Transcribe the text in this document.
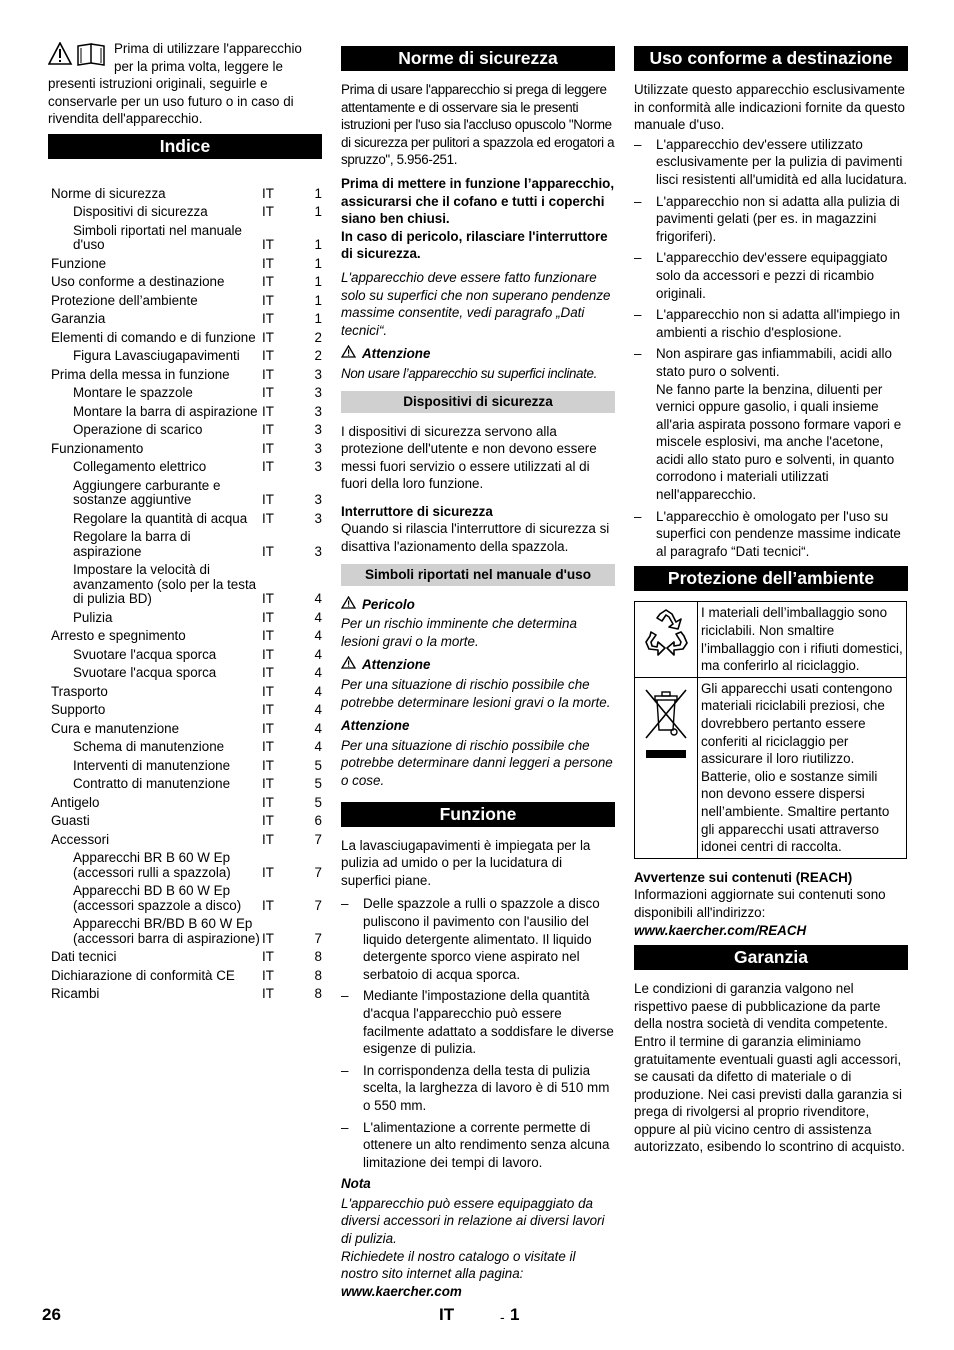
Prima di utilizzare l'apparecchio per la prima volta, leggere le presenti istruzioni originali, seguirle e conservarle per un uso futuro o in caso di rivendita dell'apparecchio.
Indice
Norme di sicurezza	IT	1
Dispositivi di sicurezza	IT	1
Simboli riportati nel manuale d'uso	IT	1
Funzione	IT	1
Uso conforme a destinazione	IT	1
Protezione dell’ambiente	IT	1
Garanzia	IT	1
Elementi di comando e di funzione IT	2
Figura Lavasciugapavimenti	IT	2
Prima della messa in funzione	IT	3
Montare le spazzole	IT	3
Montare la barra di aspirazione IT	3
Operazione di scarico	IT	3
Funzionamento	IT	3
Collegamento elettrico	IT	3
Aggiungere carburante e sostanze aggiuntive	IT	3
Regolare la quantità di acqua	IT	3
Regolare la barra di aspirazione	IT	3
Impostare la velocità di avanzamento (solo per la testa di pulizia BD)	IT	4
Pulizia	IT	4
Arresto e spegnimento	IT	4
Svuotare l'acqua sporca	IT	4
Svuotare l'acqua sporca	IT	4
Trasporto	IT	4
Supporto	IT	4
Cura e manutenzione	IT	4
Schema di manutenzione	IT	4
Interventi di manutenzione	IT	5
Contratto di manutenzione	IT	5
Antigelo	IT	5
Guasti	IT	6
Accessori	IT	7
Apparecchi BR B 60 W Ep (accessori rulli a spazzola)	IT	7
Apparecchi BD B 60 W Ep (accessori spazzole a disco)	IT	7
Apparecchi BR/BD B 60 W Ep (accessori barra di aspirazione) IT	7
Dati tecnici	IT	8
Dichiarazione di conformità CE	IT	8
Ricambi	IT	8
Norme di sicurezza

Prima di usare l'apparecchio si prega di leggere attentamente e di osservare sia le presenti istruzioni per l'uso sia l'accluso opuscolo "Norme di sicurezza per pulitori a spazzola ed erogatori a spruzzo", 5.956-251.

Prima di mettere in funzione l’apparecchio, assicurarsi che il cofano e tutti i coperchi siano ben chiusi.

In caso di pericolo, rilasciare l'interruttore di sicurezza.

L'apparecchio deve essere fatto funzionare solo su superfici che non superano pendenze massime consentite, vedi paragrafo „Dati tecnici“.

Attenzione

Non usare l’apparecchio su superfici inclinate.

Dispositivi di sicurezza

I dispositivi di sicurezza servono alla protezione dell'utente e non devono essere messi fuori servizio o essere utilizzati al di fuori della loro funzione.

Interruttore di sicurezza

Quando si rilascia l'interruttore di sicurezza si disattiva l'azionamento della spazzola.

Simboli riportati nel manuale d'uso
Pericolo

Per un rischio imminente che determina lesioni gravi o la morte.

Attenzione

Per una situazione di rischio possibile che potrebbe determinare lesioni gravi o la morte.

Attenzione

Per una situazione di rischio possibile che potrebbe determinare danni leggeri a persone o cose.

Funzione

La lavasciugapavimenti è impiegata per la pulizia ad umido o per la lucidatura di superfici piane.

– Delle spazzole a rulli o spazzole a disco puliscono il pavimento con l'ausilio del liquido detergente alimentato. Il liquido detergente sporco viene aspirato nel serbatoio di acqua sporca.
– Mediante l'impostazione della quantità d'acqua l'apparecchio può essere facilmente adattato a soddisfare le diverse esigenze di pulizia.
– In corrispondenza della testa di pulizia scelta, la larghezza di lavoro è di 510 mm o 550 mm.
– L'alimentazione a corrente permette di ottenere un alto rendimento senza alcuna limitazione dei tempi di lavoro.

Nota

L'apparecchio può essere equipaggiato da diversi accessori in relazione ai diversi lavori di pulizia.

Richiedete il nostro catalogo o visitate il nostro sito internet alla pagina:

www.kaercher.com

Uso conforme a destinazione

Utilizzate questo apparecchio esclusivamente in conformità alle indicazioni fornite da questo manuale d'uso.

– L'apparecchio dev'essere utilizzato esclusivamente per la pulizia di pavimenti lisci resistenti all'umidità ed alla lucidatura.
– L'apparecchio non si adatta alla pulizia di pavimenti gelati (per es. in magazzini frigoriferi).
– L'apparecchio dev'essere equipaggiato solo da accessori e pezzi di ricambio originali.
– L'apparecchio non si adatta all'impiego in ambienti a rischio d'esplosione.
– Non aspirare gas infiammabili, acidi allo stato puro o solventi.
Ne fanno parte la benzina, diluenti per vernici oppure gasolio, i quali insieme all'aria aspirata possono formare vapori e miscele esplosivi, ma anche l'acetone, acidi allo stato puro e solventi, in quanto corrodono i materiali utilizzati nell'apparecchio.
– L'apparecchio è omologato per l'uso su superfici con pendenze massime indicate al paragrafo “Dati tecnici“.
Protezione dell’ambiente
	I materiali dell’imballaggio sono riciclabili. Non smaltire l’imballaggio con i rifiuti domestici, ma conferirlo al riciclaggio.
	Gli apparecchi usati contengono materiali riciclabili preziosi, che dovrebbero pertanto essere conferiti al riciclaggio per assicurare il loro riutilizzo. Batterie, olio e sostanze simili non devono essere dispersi nell’ambiente. Smaltire pertanto gli apparecchi usati attraverso idonei centri di raccolta.

Avvertenze sui contenuti (REACH)

Informazioni aggiornate sui contenuti sono disponibili all'indirizzo:

www.kaercher.com/REACH

Garanzia

Le condizioni di garanzia valgono nel rispettivo paese di pubblicazione da parte della nostra società di vendita competente. Entro il termine di garanzia eliminiamo gratuitamente eventuali guasti agli accessori, se causati da difetto di materiale o di produzione. Nei casi previsti dalla garanzia si prega di rivolgersi al proprio rivenditore, oppure al più vicino centro di assistenza autorizzato, esibendo lo scontrino di acquisto.

26	IT	- 1
